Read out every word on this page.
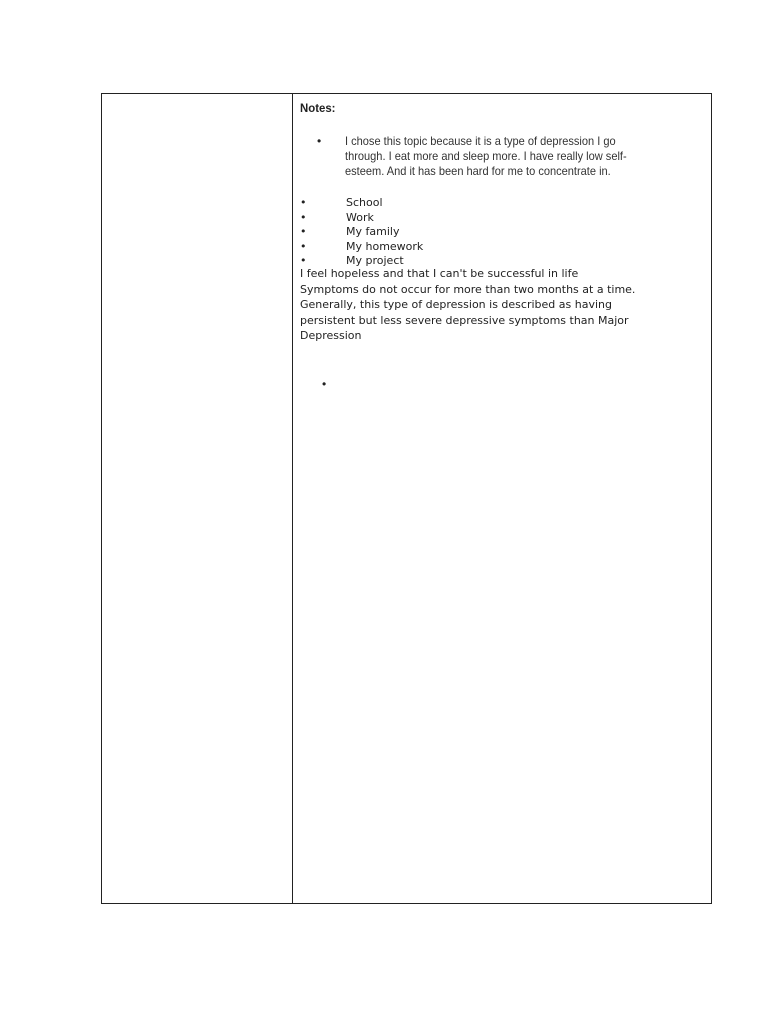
Notes:
•	I chose this topic because it is a type of depression I go
through. I eat more and sleep more. I have really low self-
esteem. And it has been hard for me to concentrate in.
•	School
•	Work
•	My family
•	My homework
•	My project
I feel hopeless and that I can't be successful in life
Symptoms do not occur for more than two months at a time.
Generally, this type of depression is described as having
persistent but less severe depressive symptoms than Major
Depression
•
